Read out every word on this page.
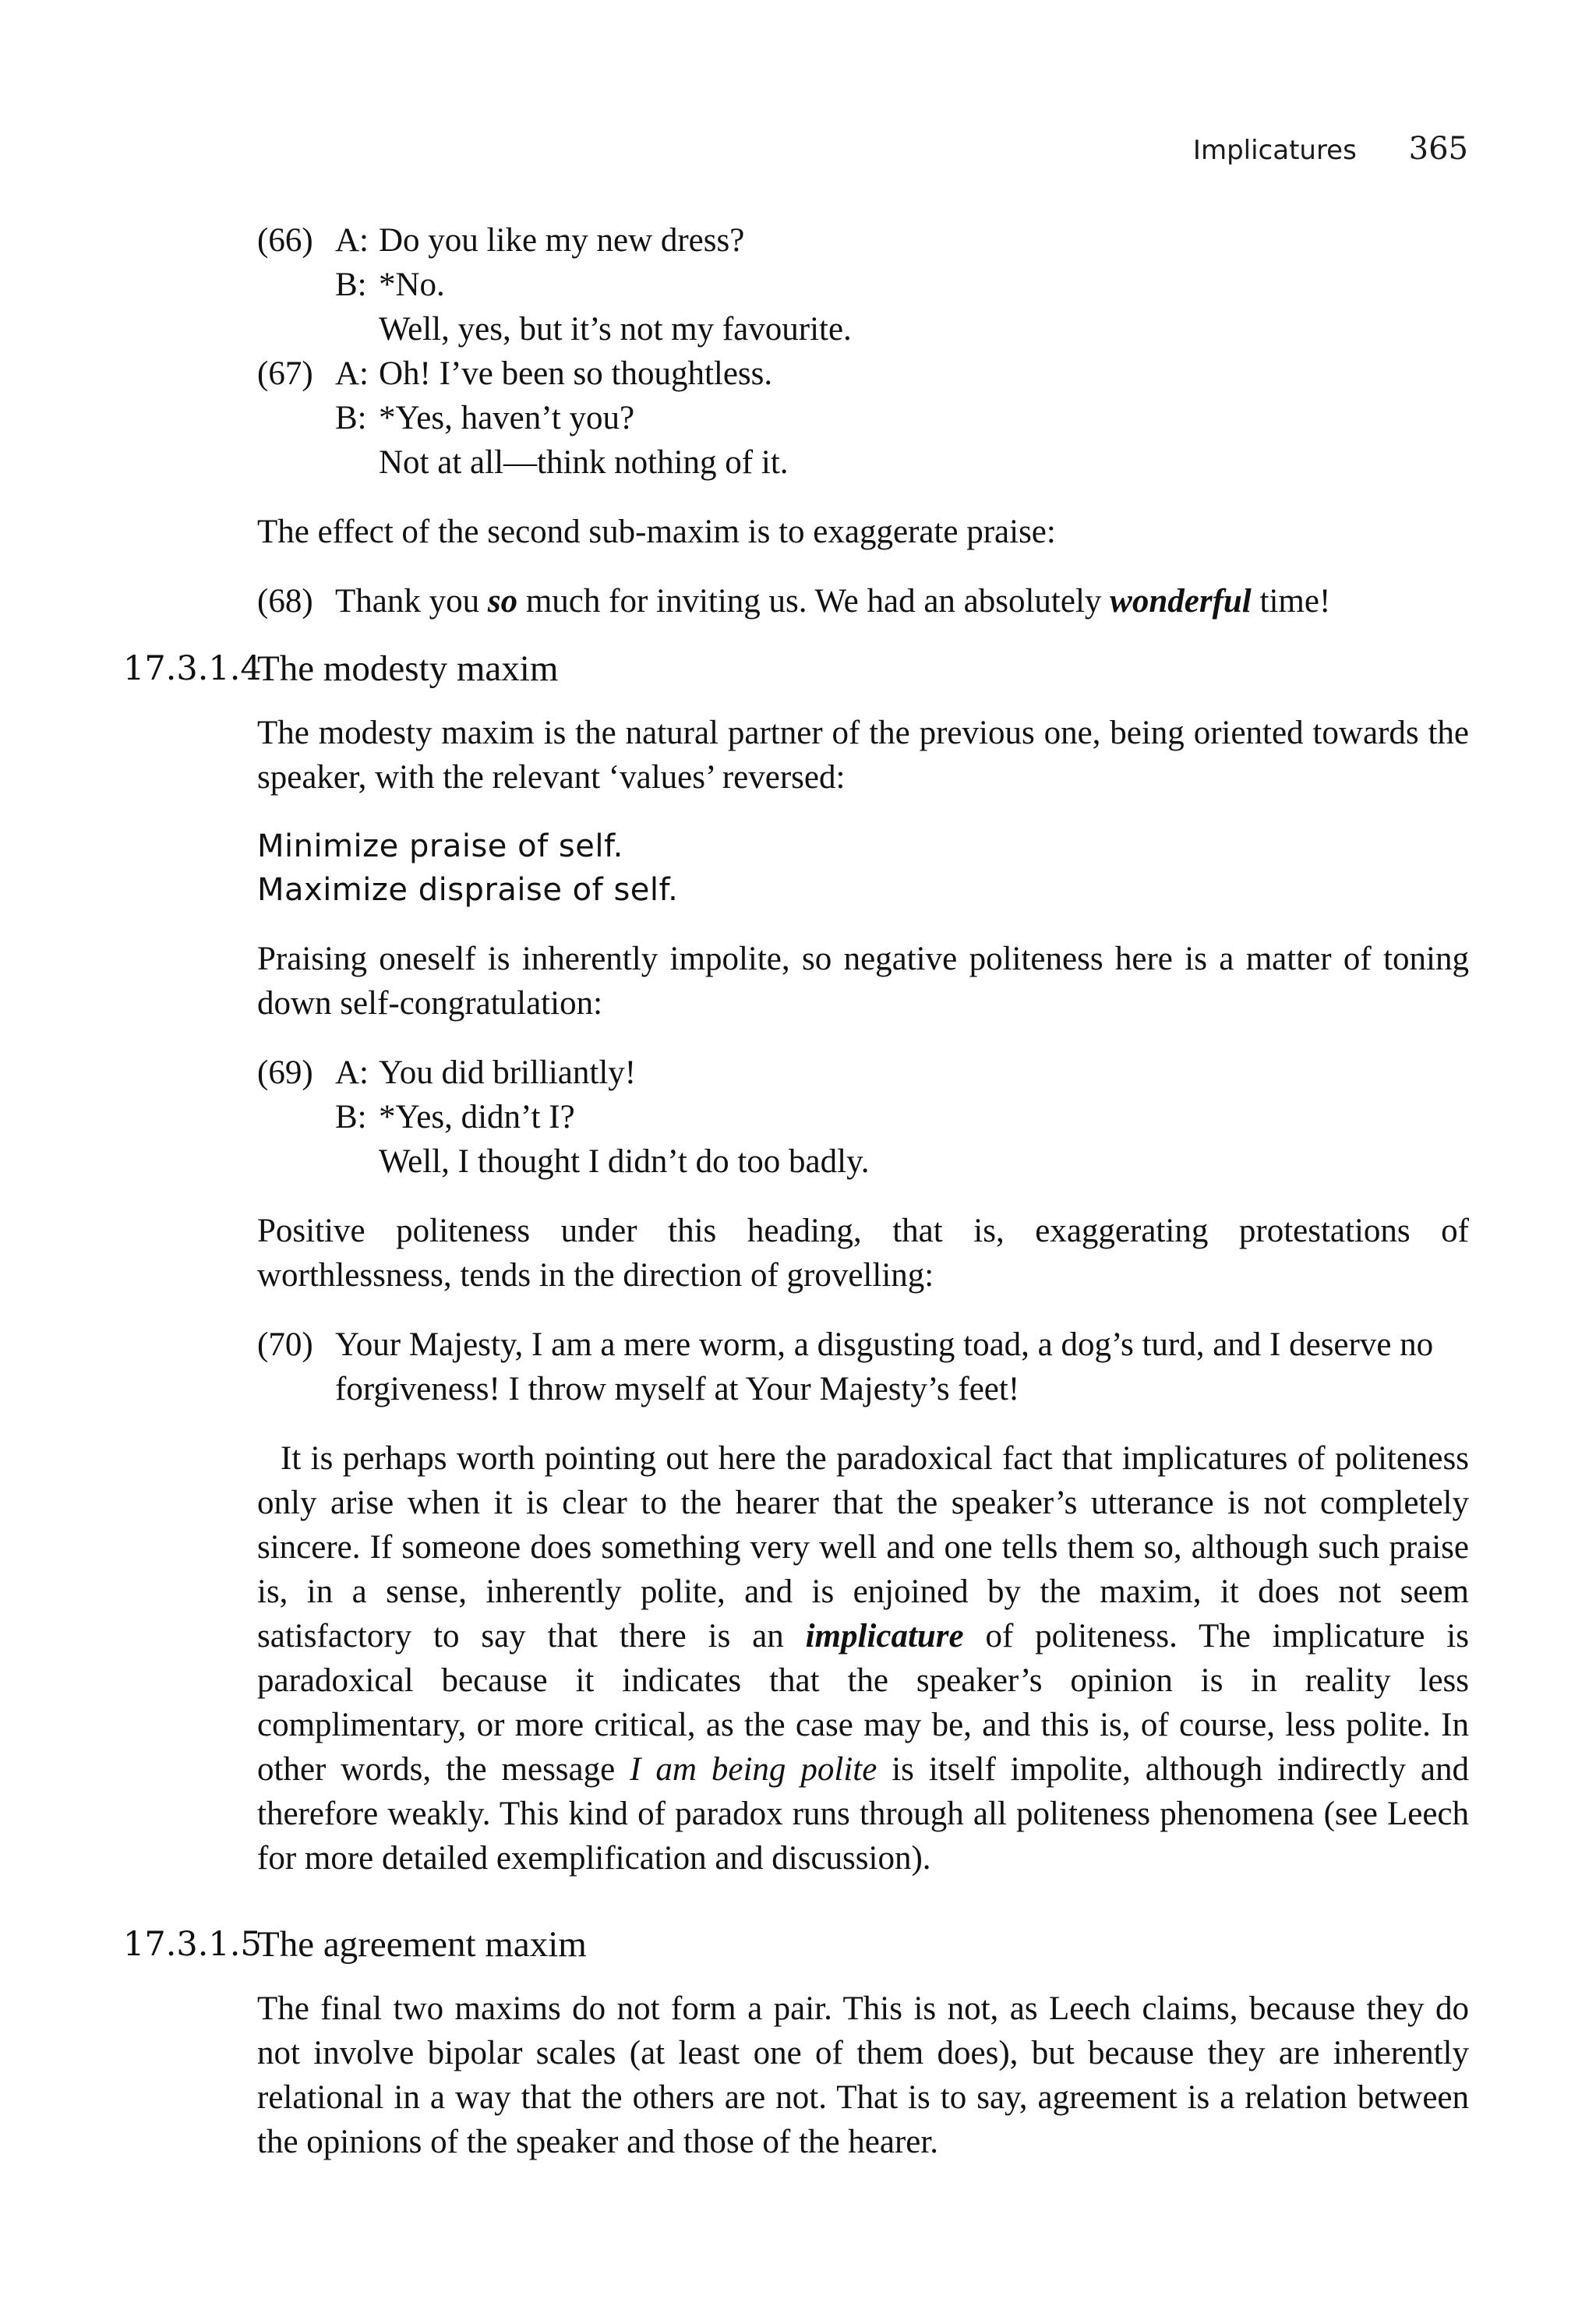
Implicatures 365
(66) A: Do you like my new dress?
B: *No.
Well, yes, but it’s not my favourite.
(67) A: Oh! I’ve been so thoughtless.
B: *Yes, haven’t you?
Not at all—think nothing of it.
The effect of the second sub-maxim is to exaggerate praise:
(68) Thank you so much for inviting us. We had an absolutely wonderful time!
17.3.1.4
The modesty maxim
The modesty maxim is the natural partner of the previous one, being oriented towards the speaker, with the relevant ‘values’ reversed:
Minimize praise of self.
Maximize dispraise of self.
Praising oneself is inherently impolite, so negative politeness here is a matter of toning down self-congratulation:
(69) A: You did brilliantly!
B: *Yes, didn’t I?
Well, I thought I didn’t do too badly.
Positive politeness under this heading, that is, exaggerating protestations of worthlessness, tends in the direction of grovelling:
(70) Your Majesty, I am a mere worm, a disgusting toad, a dog’s turd, and I deserve no forgiveness! I throw myself at Your Majesty’s feet!
It is perhaps worth pointing out here the paradoxical fact that implicatures of politeness only arise when it is clear to the hearer that the speaker’s utterance is not completely sincere. If someone does something very well and one tells them so, although such praise is, in a sense, inherently polite, and is enjoined by the maxim, it does not seem satisfactory to say that there is an implicature of politeness. The implicature is paradoxical because it indicates that the speaker’s opinion is in reality less complimentary, or more critical, as the case may be, and this is, of course, less polite. In other words, the message I am being polite is itself impolite, although indirectly and therefore weakly. This kind of paradox runs through all politeness phenomena (see Leech for more detailed exemplification and discussion).
17.3.1.5
The agreement maxim
The final two maxims do not form a pair. This is not, as Leech claims, because they do not involve bipolar scales (at least one of them does), but because they are inherently relational in a way that the others are not. That is to say, agreement is a relation between the opinions of the speaker and those of the hearer.
